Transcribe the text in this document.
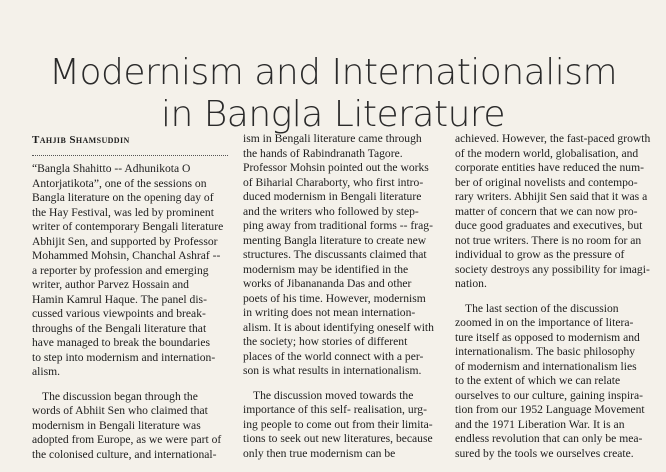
Modernism and Internationalism
in Bangla Literature
Tahjib Shamsuddin

“Bangla Shahitto -- Adhunikota O
Antorjatikota”, one of the sessions on
Bangla literature on the opening day of
the Hay Festival, was led by prominent
writer of contemporary Bengali literature
Abhijit Sen, and supported by Professor
Mohammed Mohsin, Chanchal Ashraf --
a reporter by profession and emerging
writer, author Parvez Hossain and
Hamin Kamrul Haque. The panel dis-
cussed various viewpoints and break-
throughs of the Bengali literature that
have managed to break the boundaries
to step into modernism and internation-
alism.

The discussion began through the
words of Abhiit Sen who claimed that
modernism in Bengali literature was
adopted from Europe, as we were part of
the colonised culture, and international-

ism in Bengali literature came through
the hands of Rabindranath Tagore.
Professor Mohsin pointed out the works
of Biharial Charaborty, who first intro-
duced modernism in Bengali literature
and the writers who followed by step-
ping away from traditional forms -- frag-
menting Bangla literature to create new
structures. The discussants claimed that
modernism may be identified in the
works of Jibanananda Das and other
poets of his time. However, modernism
in writing does not mean internation-
alism. It is about identifying oneself with
the society; how stories of different
places of the world connect with a per-
son is what results in internationalism.

The discussion moved towards the
importance of this self- realisation, urg-
ing people to come out from their limita-
tions to seek out new literatures, because
only then true modernism can be

achieved. However, the fast-paced growth
of the modern world, globalisation, and
corporate entities have reduced the num-
ber of original novelists and contempo-
rary writers. Abhijit Sen said that it was a
matter of concern that we can now pro-
duce good graduates and executives, but
not true writers. There is no room for an
individual to grow as the pressure of
society destroys any possibility for imagi-
nation.

The last section of the discussion
zoomed in on the importance of litera-
ture itself as opposed to modernism and
internationalism. The basic philosophy
of modernism and internationalism lies
to the extent of which we can relate
ourselves to our culture, gaining inspira-
tion from our 1952 Language Movement
and the 1971 Liberation War. It is an
endless revolution that can only be mea-
sured by the tools we ourselves create.
